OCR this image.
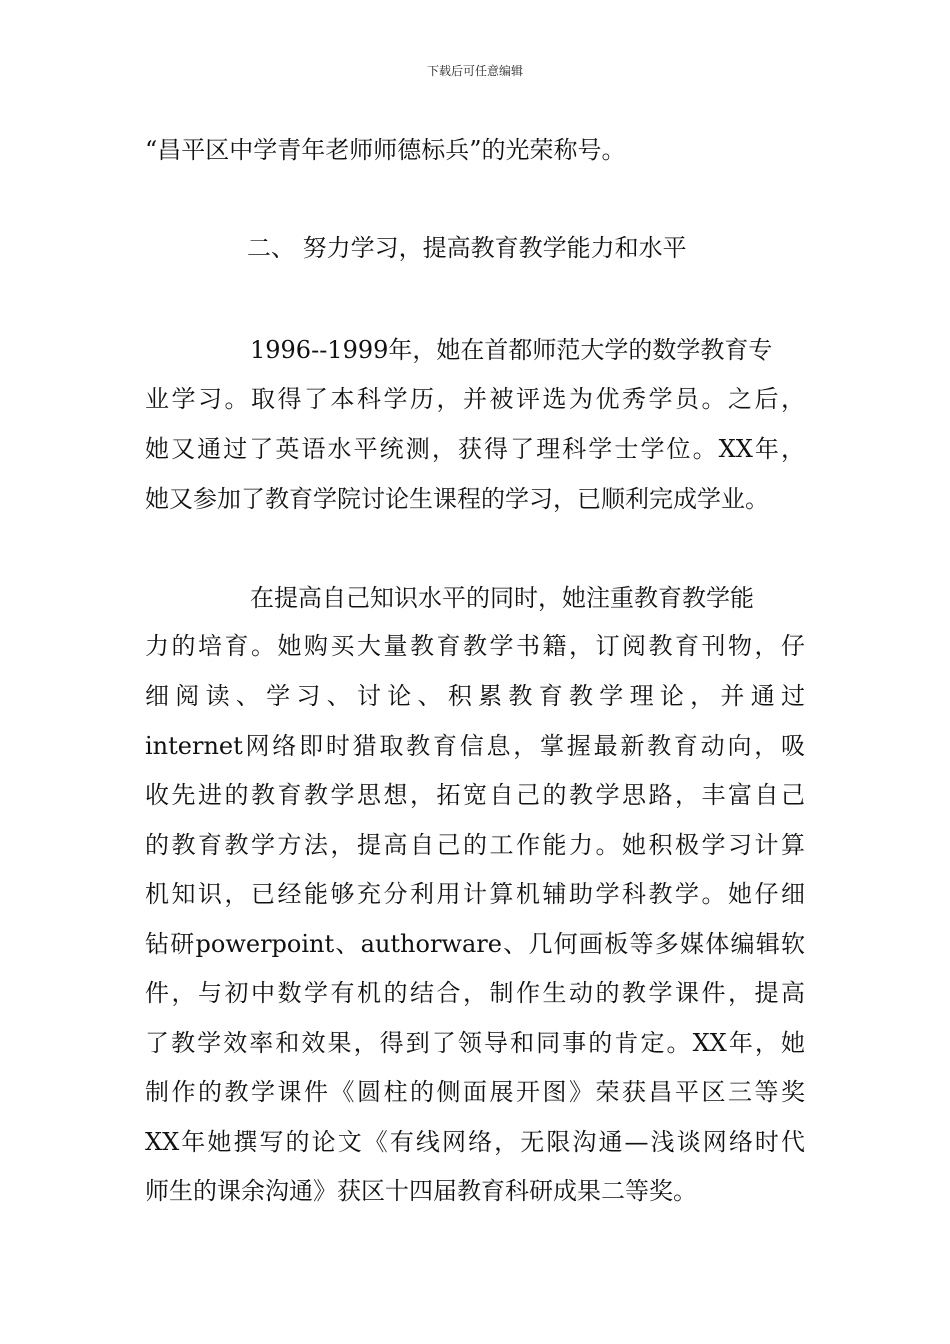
下载后可任意编辑
“昌平区中学青年老师师德标兵”的光荣称号。
二、 努力学习，提高教育教学能力和水平
1996--1999年，她在首都师范大学的数学教育专
业学习。取得了本科学历，并被评选为优秀学员。之后，
她又通过了英语水平统测，获得了理科学士学位。XX年，
她又参加了教育学院讨论生课程的学习，已顺利完成学业。
在提高自己知识水平的同时，她注重教育教学能
力的培育。她购买大量教育教学书籍，订阅教育刊物，仔
细阅读、学习、讨论、积累教育教学理论，并通过
internet网络即时猎取教育信息，掌握最新教育动向，吸
收先进的教育教学思想，拓宽自己的教学思路，丰富自己
的教育教学方法，提高自己的工作能力。她积极学习计算
机知识，已经能够充分利用计算机辅助学科教学。她仔细
钻研powerpoint、authorware、几何画板等多媒体编辑软
件，与初中数学有机的结合，制作生动的教学课件，提高
了教学效率和效果，得到了领导和同事的肯定。XX年，她
制作的教学课件《圆柱的侧面展开图》荣获昌平区三等奖
XX年她撰写的论文《有线网络，无限沟通—浅谈网络时代
师生的课余沟通》获区十四届教育科研成果二等奖。
